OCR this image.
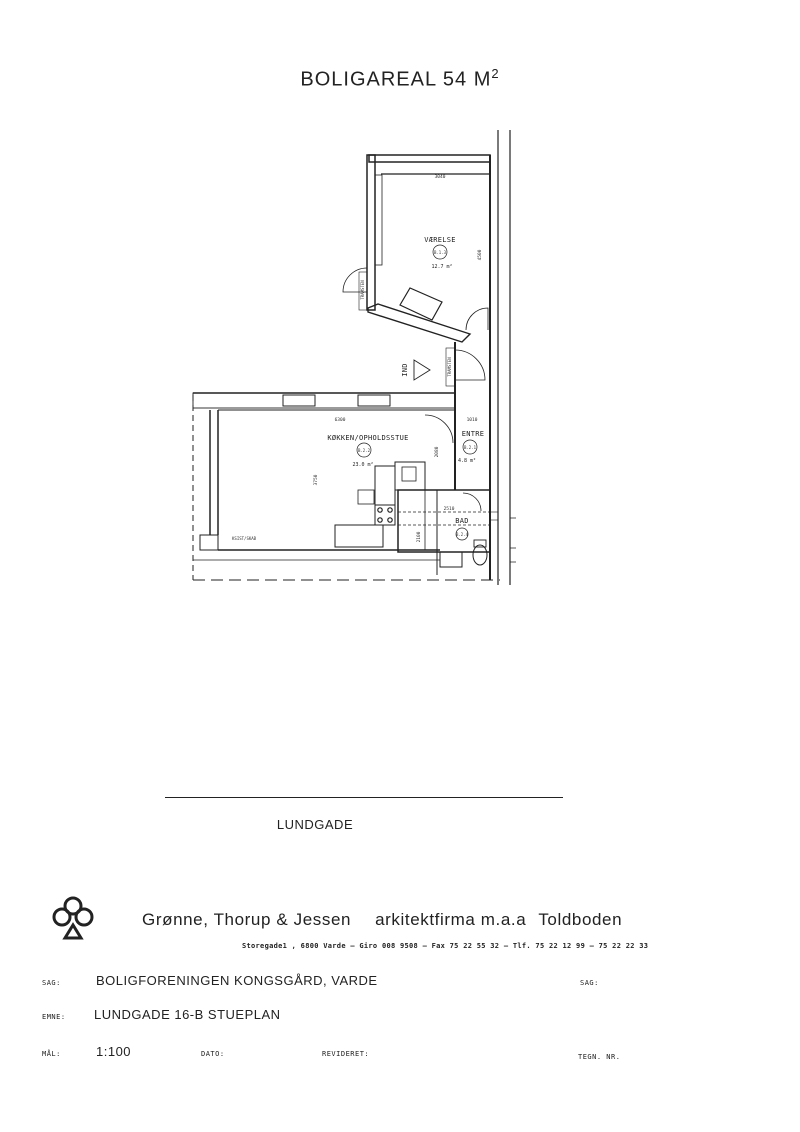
BOLIGAREAL 54 $M^2$
VÆRELSE
B.1.3
12.7 m²
KØKKEN/OPHOLDSSTUE
B.2.2
23.0 m²
ENTRE
B.2.1
4.8 m²
BAD
B.2.4
IND
TRAMSTEN
TRAMSTEN
KSIST/SKAB
3040
4500
6300
3750
2080
1010
2510
2100
LUNDGADE
Grønne, Thorup & Jessen arkitektfirma m.a.a Toldboden
Storegade1 , 6800 Varde – Giro 008 9508 – Fax 75 22 55 32 – Tlf. 75 22 12 99 – 75 22 22 33
SAG:	BOLIGFORENINGEN KONGSGÅRD, VARDE	SAG:
EMNE: LUNDGADE 16-B STUEPLAN
MÅL:	1:100	DATO:	REVIDERET:	TEGN. NR.
